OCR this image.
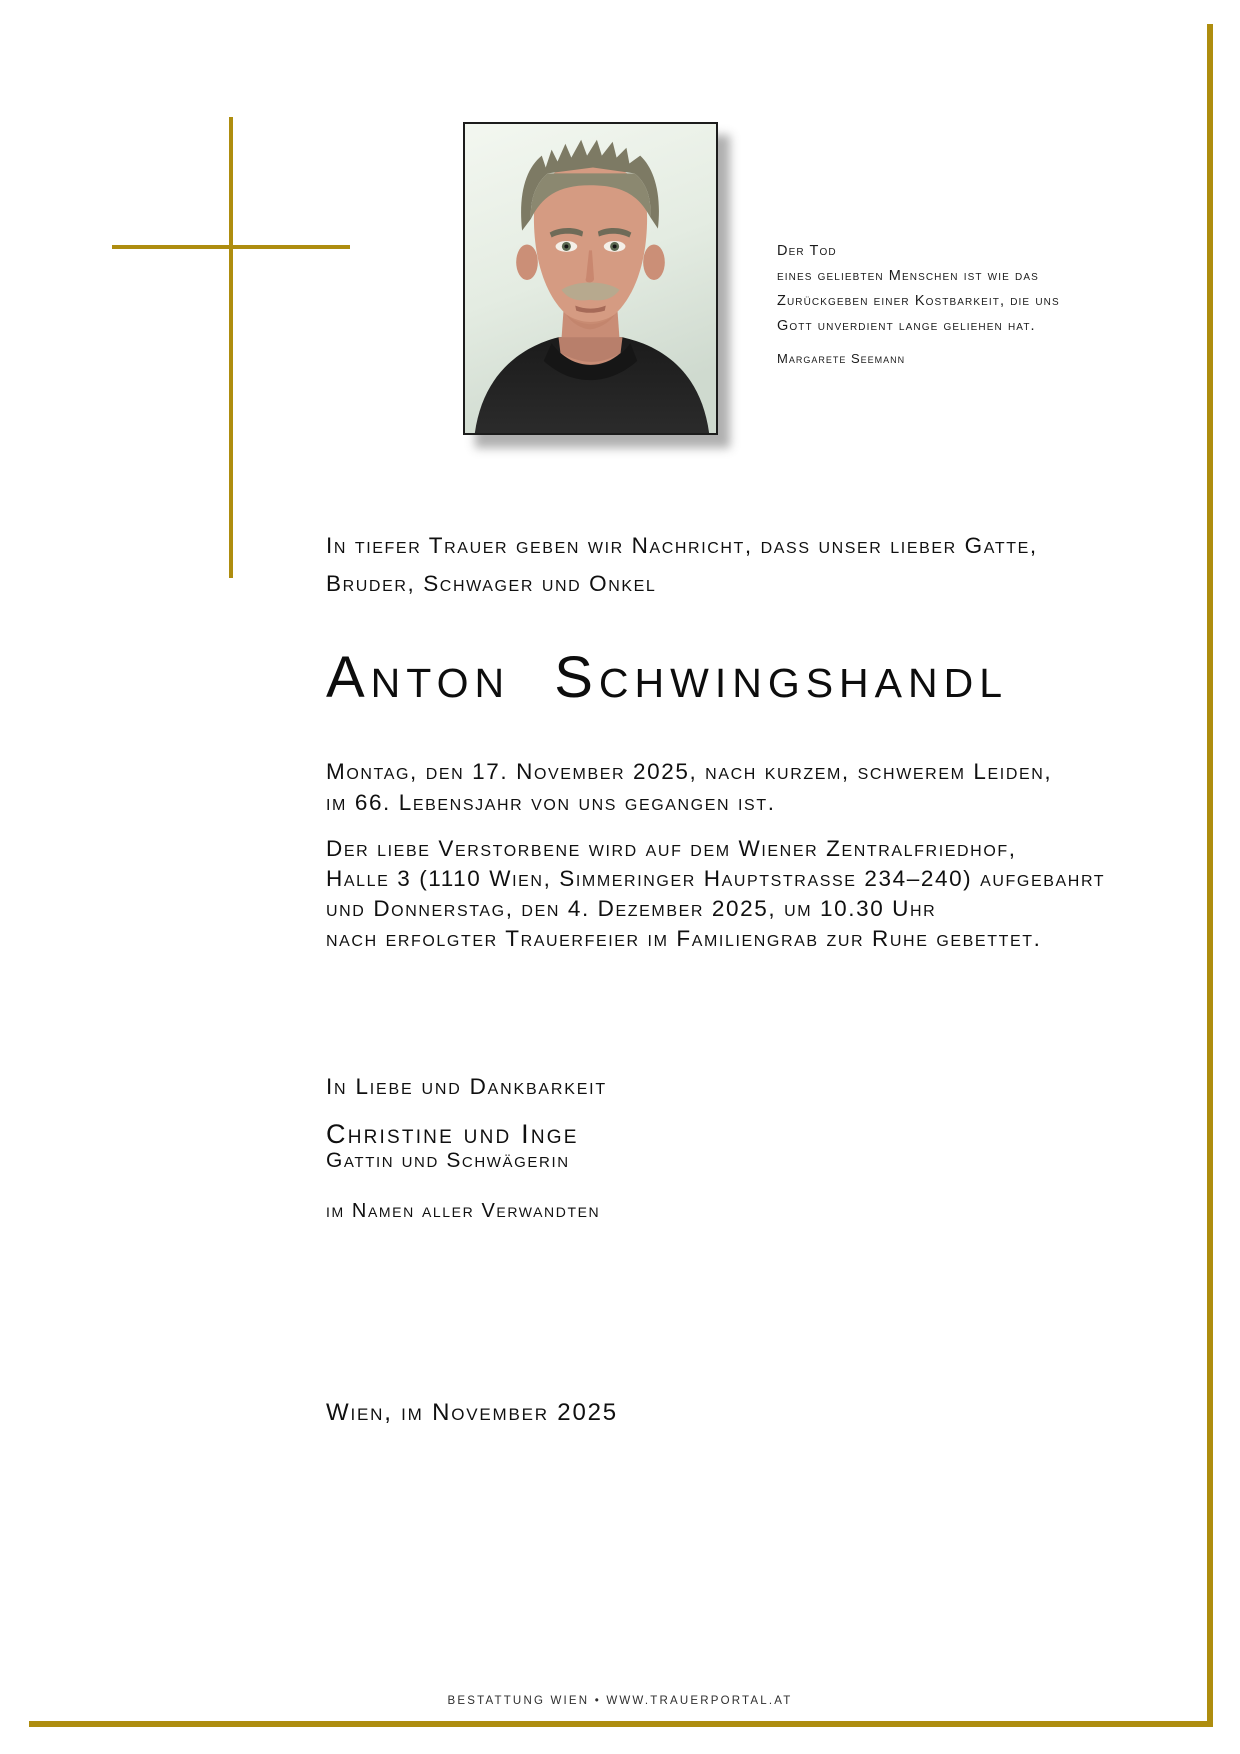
Der Tod
eines geliebten Menschen ist wie das
Zurückgeben einer Kostbarkeit, die uns
Gott unverdient lange geliehen hat.
Margarete Seemann
In tiefer Trauer geben wir Nachricht, dass unser lieber Gatte,
Bruder, Schwager und Onkel
Anton Schwingshandl
Montag, den 17. November 2025, nach kurzem, schwerem Leiden,
im 66. Lebensjahr von uns gegangen ist.
Der liebe Verstorbene wird auf dem Wiener Zentralfriedhof,
Halle 3 (1110 Wien, Simmeringer Hauptstrasse 234–240) aufgebahrt
und Donnerstag, den 4. Dezember 2025, um 10.30 Uhr
nach erfolgter Trauerfeier im Familiengrab zur Ruhe gebettet.
In Liebe und Dankbarkeit
Christine und Inge
Gattin und Schwägerin
im Namen aller Verwandten
Wien, im November 2025
BESTATTUNG WIEN • WWW.TRAUERPORTAL.AT
